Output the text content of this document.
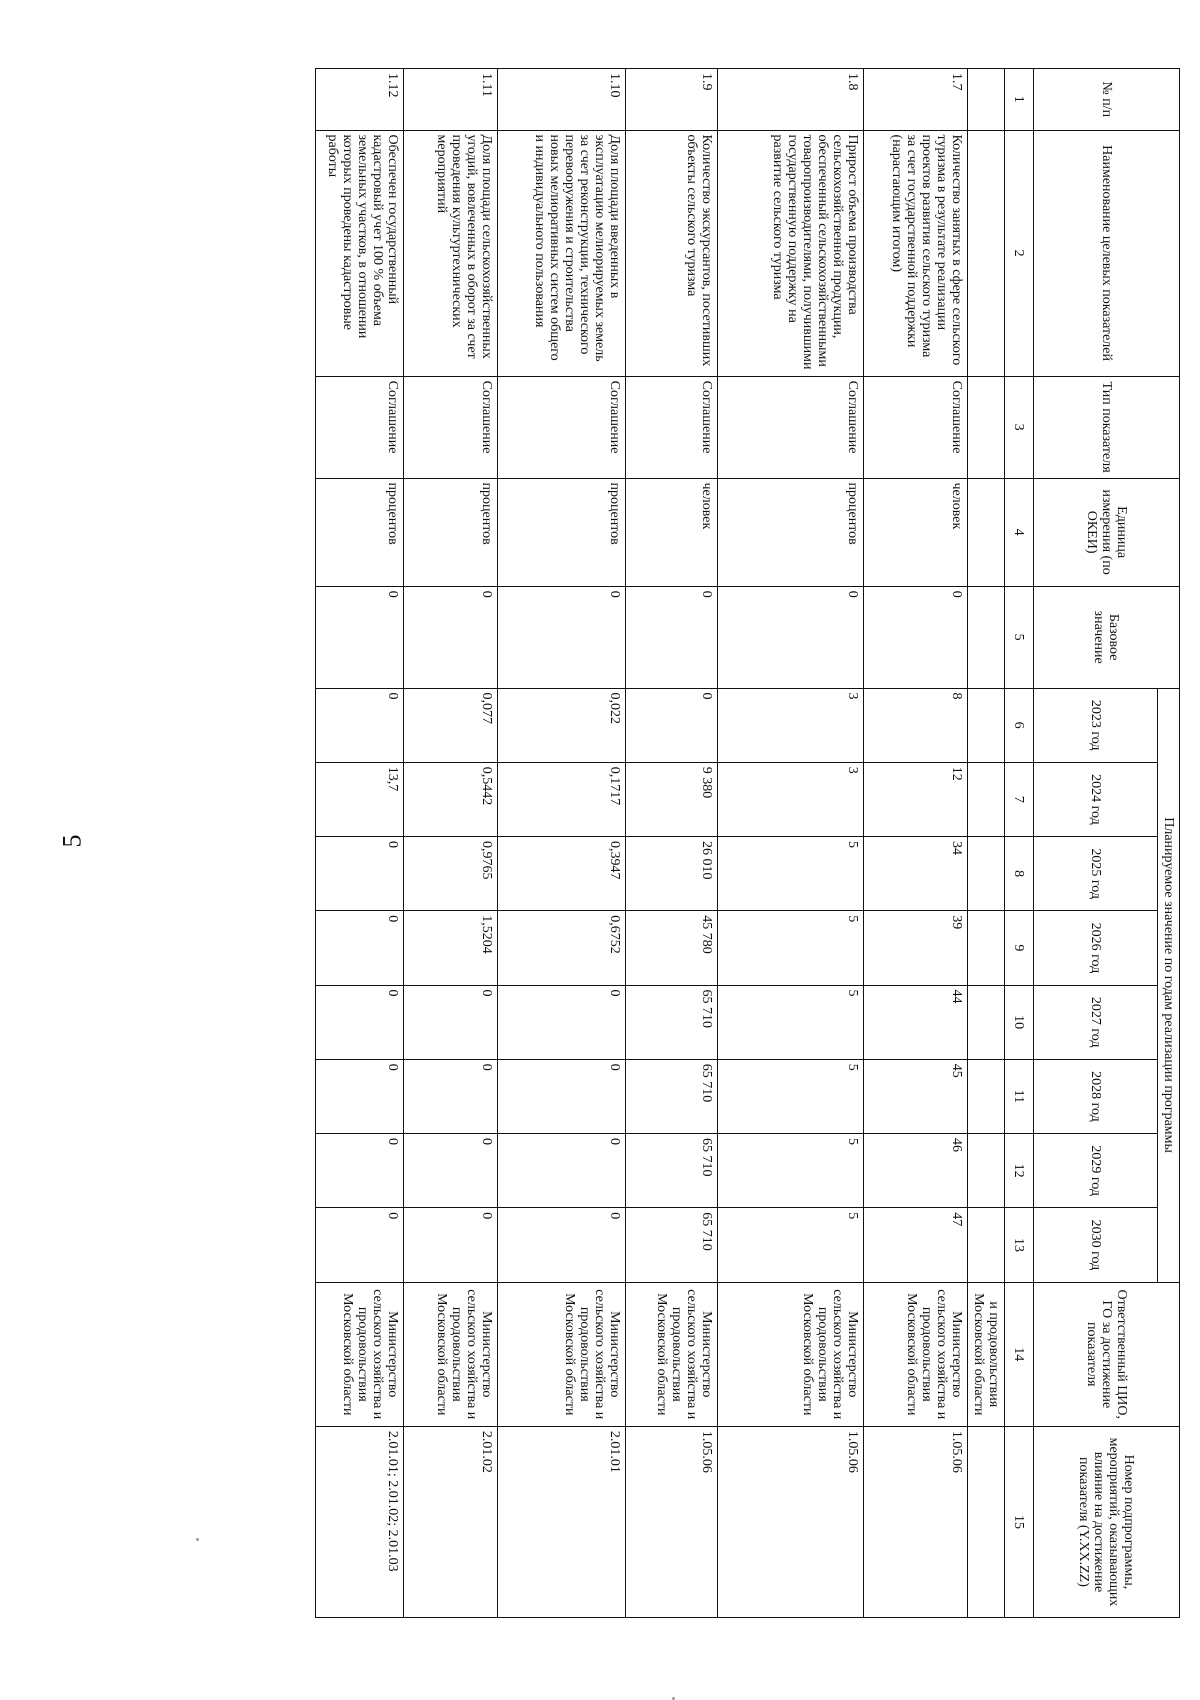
5
№ п/п	Наименование целевых показателей	Тип показателя	Единица измерения (по ОКЕИ)	Базовое значение	Планируемое значение по годам реализации программы								Ответственный ЦИО, ГО за достижение показателя	Номер подпрограммы, мероприятий, оказывающих влияние на достижение показателя (Y.XX.ZZ)
					2023 год	2024 год	2025 год	2026 год	2027 год	2028 год	2029 год	2030 год		
1	2	3	4	5	6	7	8	9	10	11	12	13	14	15
													и продовольствия Московской области	
1.7	Количество занятых в сфере сельского туризма в результате реализации проектов развития сельского туризма за счет государственной поддержки (нарастающим итогом)	Соглашение	человек	0	8	12	34	39	44	45	46	47	Министерство сельского хозяйства и продовольствия Московской области	1.05.06
1.8	Прирост объема производства сельскохозяйственной продукции, обеспеченный сельскохозяйственными товаропроизводителями, получившими государственную поддержку на развитие сельского туризма	Соглашение	процентов	0	3	3	5	5	5	5	5	5	Министерство сельского хозяйства и продовольствия Московской области	1.05.06
1.9	Количество экскурсантов, посетивших объекты сельского туризма	Соглашение	человек	0	0	9 380	26 010	45 780	65 710	65 710	65 710	65 710	Министерство сельского хозяйства и продовольствия Московской области	1.05.06
1.10	Доля площади введенных в эксплуатацию мелиорируемых земель за счет реконструкции, технического перевооружения и строительства новых мелиоративных систем общего и индивидуального пользования	Соглашение	процентов	0	0,022	0,1717	0,3947	0,6752	0	0	0	0	Министерство сельского хозяйства и продовольствия Московской области	2.01.01
1.11	Доля площади сельскохозяйственных угодий, вовлеченных в оборот за счет проведения культуртехнических мероприятий	Соглашение	процентов	0	0,077	0,5442	0,9765	1,5204	0	0	0	0	Министерство сельского хозяйства и продовольствия Московской области	2.01.02
1.12	Обеспечен государственный кадастровый учет 100 % объема земельных участков, в отношении которых проведены кадастровые работы	Соглашение	процентов	0	0	13,7	0	0	0	0	0	0	Министерство сельского хозяйства и продовольствия Московской области	2.01.01; 2.01.02; 2.01.03
